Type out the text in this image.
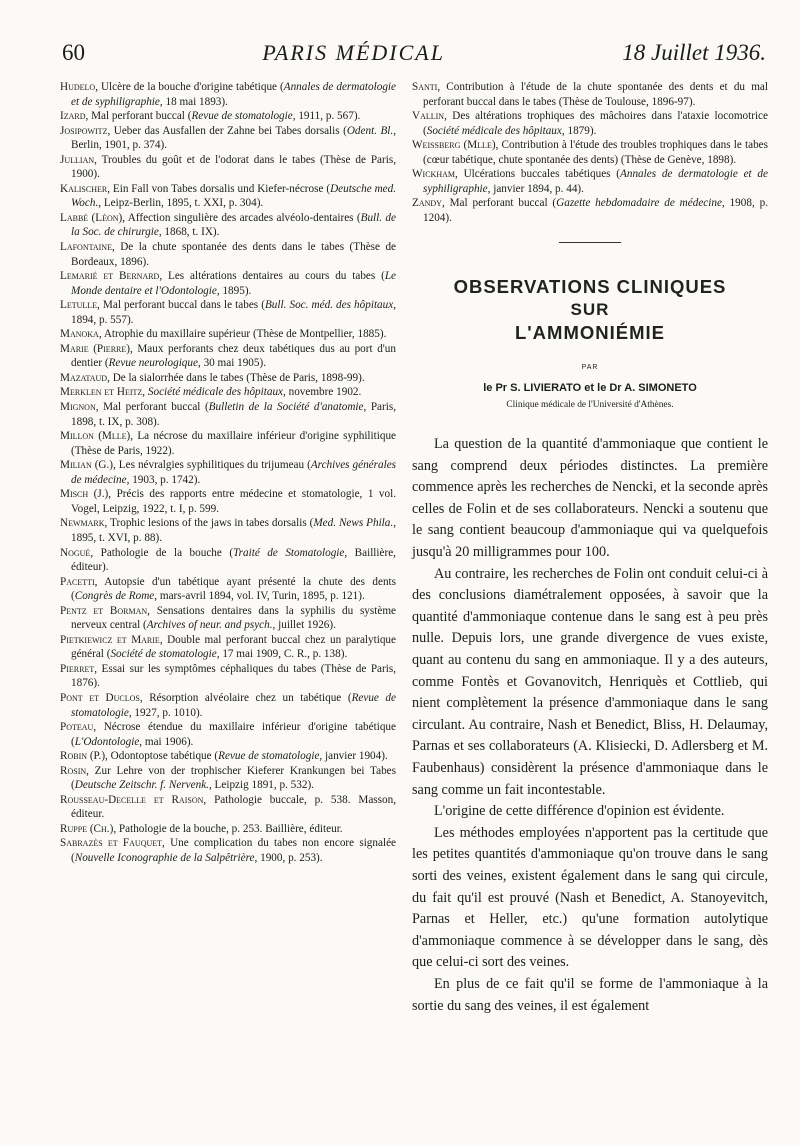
60	PARIS MÉDICAL	18 Juillet 1936.

Hudelo, Ulcère de la bouche d'origine tabétique (Annales de dermatologie et de syphiligraphie, 18 mai 1893).

Izard, Mal perforant buccal (Revue de stomatologie, 1911, p. 567).

Josipowitz, Ueber das Ausfallen der Zahne bei Tabes dorsalis (Odent. Bl., Berlin, 1901, p. 374).

Jullian, Troubles du goût et de l'odorat dans le tabes (Thèse de Paris, 1900).

Kalischer, Ein Fall von Tabes dorsalis und Kiefer-nécrose (Deutsche med. Woch., Leipz-Berlin, 1895, t. XXI, p. 304).

Labbé (Léon), Affection singulière des arcades alvéolo-dentaires (Bull. de la Soc. de chirurgie, 1868, t. IX).

Lafontaine, De la chute spontanée des dents dans le tabes (Thèse de Bordeaux, 1896).

Lemarié et Bernard, Les altérations dentaires au cours du tabes (Le Monde dentaire et l'Odontologie, 1895).

Letulle, Mal perforant buccal dans le tabes (Bull. Soc. méd. des hôpitaux, 1894, p. 557).

Manoka, Atrophie du maxillaire supérieur (Thèse de Montpellier, 1885).

Marie (Pierre), Maux perforants chez deux tabétiques dus au port d'un dentier (Revue neurologique, 30 mai 1905).

Mazataud, De la sialorrhée dans le tabes (Thèse de Paris, 1898-99).

Merklen et Heitz, Société médicale des hôpitaux, novembre 1902.

Mignon, Mal perforant buccal (Bulletin de la Société d'anatomie, Paris, 1898, t. IX, p. 308).

Millon (Mlle), La nécrose du maxillaire inférieur d'origine syphilitique (Thèse de Paris, 1922).

Milian (G.), Les névralgies syphilitiques du trijumeau (Archives générales de médecine, 1903, p. 1742).

Misch (J.), Précis des rapports entre médecine et stomatologie, 1 vol. Vogel, Leipzig, 1922, t. I, p. 599.

Newmark, Trophic lesions of the jaws in tabes dorsalis (Med. News Phila., 1895, t. XVI, p. 88).

Nogué, Pathologie de la bouche (Traité de Stomatologie, Baillière, éditeur).

Pacetti, Autopsie d'un tabétique ayant présenté la chute des dents (Congrès de Rome, mars-avril 1894, vol. IV, Turin, 1895, p. 121).

Pentz et Borman, Sensations dentaires dans la syphilis du système nerveux central (Archives of neur. and psych., juillet 1926).

Pietkiewicz et Marie, Double mal perforant buccal chez un paralytique général (Société de stomatologie, 17 mai 1909, C. R., p. 138).

Pierret, Essai sur les symptômes céphaliques du tabes (Thèse de Paris, 1876).

Pont et Duclos, Résorption alvéolaire chez un tabétique (Revue de stomatologie, 1927, p. 1010).

Poteau, Nécrose étendue du maxillaire inférieur d'origine tabétique (L'Odontologie, mai 1906).

Robin (P.), Odontoptose tabétique (Revue de stomatologie, janvier 1904).

Rosin, Zur Lehre von der trophischer Kieferer Krankungen bei Tabes (Deutsche Zeitschr. f. Nervenk., Leipzig 1891, p. 532).

Rousseau-Decelle et Raison, Pathologie buccale, p. 538. Masson, éditeur.

Ruppe (Ch.), Pathologie de la bouche, p. 253. Baillière, éditeur.

Sabrazès et Fauquet, Une complication du tabes non encore signalée (Nouvelle Iconographie de la Salpêtrière, 1900, p. 253).

Santi, Contribution à l'étude de la chute spontanée des dents et du mal perforant buccal dans le tabes (Thèse de Toulouse, 1896-97).

Vallin, Des altérations trophiques des mâchoires dans l'ataxie locomotrice (Société médicale des hôpitaux, 1879).

Weissberg (Mlle), Contribution à l'étude des troubles trophiques dans le tabes (cœur tabétique, chute spontanée des dents) (Thèse de Genève, 1898).

Wickham, Ulcérations buccales tabétiques (Annales de dermatologie et de syphiligraphie, janvier 1894, p. 44).

Zandy, Mal perforant buccal (Gazette hebdomadaire de médecine, 1908, p. 1204).

OBSERVATIONS CLINIQUES
SUR
L'AMMONIÉMIE
PAR
le Pr S. LIVIERATO et le Dr A. SIMONETO
Clinique médicale de l'Université d'Athènes.

La question de la quantité d'ammoniaque que contient le sang comprend deux périodes distinctes. La première commence après les recherches de Nencki, et la seconde après celles de Folin et de ses collaborateurs. Nencki a soutenu que le sang contient beaucoup d'ammoniaque qui va quelquefois jusqu'à 20 milligrammes pour 100.

Au contraire, les recherches de Folin ont conduit celui-ci à des conclusions diamétralement opposées, à savoir que la quantité d'ammoniaque contenue dans le sang est à peu près nulle. Depuis lors, une grande divergence de vues existe, quant au contenu du sang en ammoniaque. Il y a des auteurs, comme Fontès et Govanovitch, Henriquès et Cottlieb, qui nient complètement la présence d'ammoniaque dans le sang circulant. Au contraire, Nash et Benedict, Bliss, H. Delaumay, Parnas et ses collaborateurs (A. Klisiecki, D. Adlersberg et M. Faubenhaus) considèrent la présence d'ammoniaque dans le sang comme un fait incontestable.

L'origine de cette différence d'opinion est évidente.

Les méthodes employées n'apportent pas la certitude que les petites quantités d'ammoniaque qu'on trouve dans le sang sorti des veines, existent également dans le sang qui circule, du fait qu'il est prouvé (Nash et Benedict, A. Stanoyevitch, Parnas et Heller, etc.) qu'une formation autolytique d'ammoniaque commence à se développer dans le sang, dès que celui-ci sort des veines.

En plus de ce fait qu'il se forme de l'ammoniaque à la sortie du sang des veines, il est également
